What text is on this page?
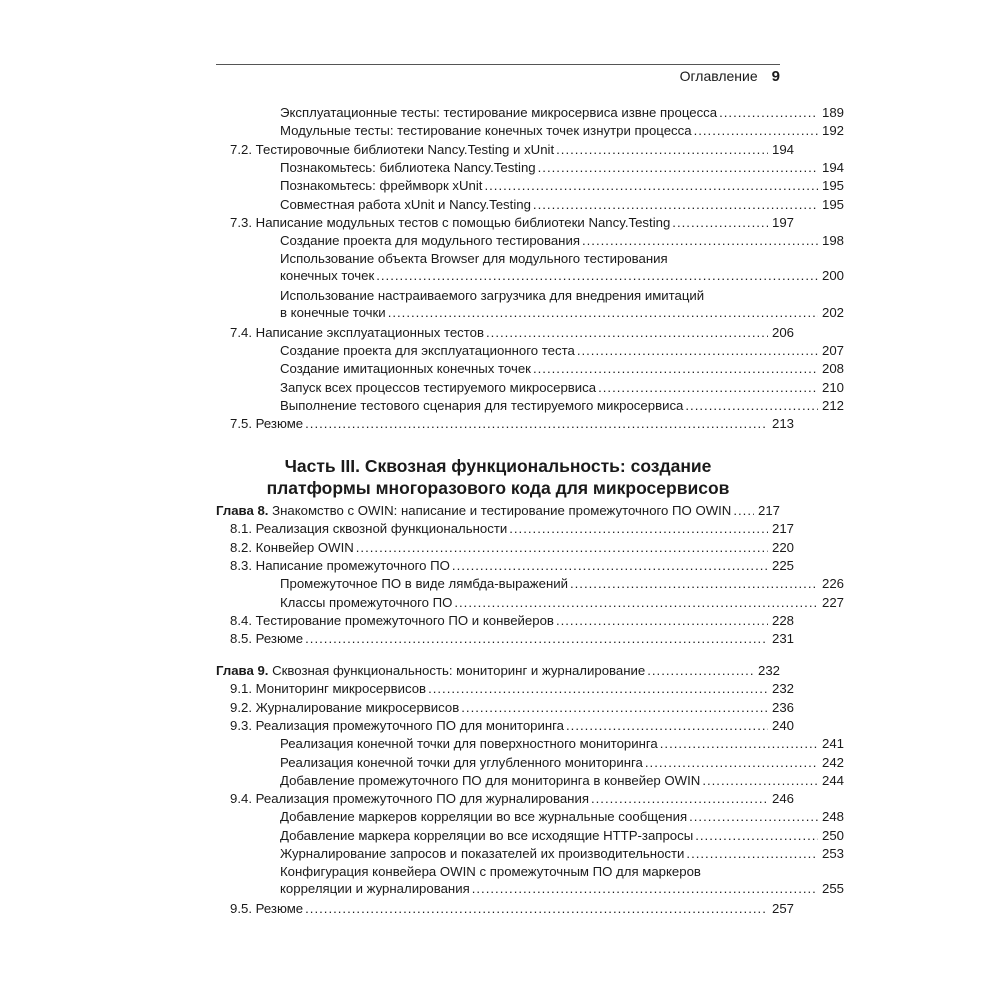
Оглавление 9
Эксплуатационные тесты: тестирование микросервиса извне процесса .....	189
Модульные тесты: тестирование конечных точек изнутри процесса .....	192
7.2. Тестировочные библиотеки Nancy.Testing и xUnit .....	194
Познакомьтесь: библиотека Nancy.Testing .....	194
Познакомьтесь: фреймворк xUnit .....	195
Совместная работа xUnit и Nancy.Testing .....	195
7.3. Написание модульных тестов с помощью библиотеки Nancy.Testing .....	197
Создание проекта для модульного тестирования .....	198
Использование объекта Browser для модульного тестирования
конечных точек .....	200
Использование настраиваемого загрузчика для внедрения имитаций
в конечные точки .....	202
7.4. Написание эксплуатационных тестов .....	206
Создание проекта для эксплуатационного теста .....	207
Создание имитационных конечных точек .....	208
Запуск всех процессов тестируемого микросервиса .....	210
Выполнение тестового сценария для тестируемого микросервиса .....	212
7.5. Резюме .....	213
Глава 8. Знакомство с OWIN: написание и тестирование промежуточного ПО OWIN ..... 217
8.1. Реализация сквозной функциональности .....	217
8.2. Конвейер OWIN .....	220
8.3. Написание промежуточного ПО .....	225
Промежуточное ПО в виде лямбда-выражений .....	226
Классы промежуточного ПО .....	227
8.4. Тестирование промежуточного ПО и конвейеров .....	228
8.5. Резюме .....	231
Глава 9. Сквозная функциональность: мониторинг и журналирование .....	232
9.1. Мониторинг микросервисов .....	232
9.2. Журналирование микросервисов .....	236
9.3. Реализация промежуточного ПО для мониторинга .....	240
Реализация конечной точки для поверхностного мониторинга .....	241
Реализация конечной точки для углубленного мониторинга .....	242
Добавление промежуточного ПО для мониторинга в конвейер OWIN .....	244
9.4. Реализация промежуточного ПО для журналирования .....	246
Добавление маркеров корреляции во все журнальные сообщения .....	248
Добавление маркера корреляции во все исходящие HTTP-запросы .....	250
Журналирование запросов и показателей их производительности .....	253
Конфигурация конвейера OWIN с промежуточным ПО для маркеров
корреляции и журналирования .....	255
9.5. Резюме .....	257
Часть III. Сквозная функциональность: создание
платформы многоразового кода для микросервисов
